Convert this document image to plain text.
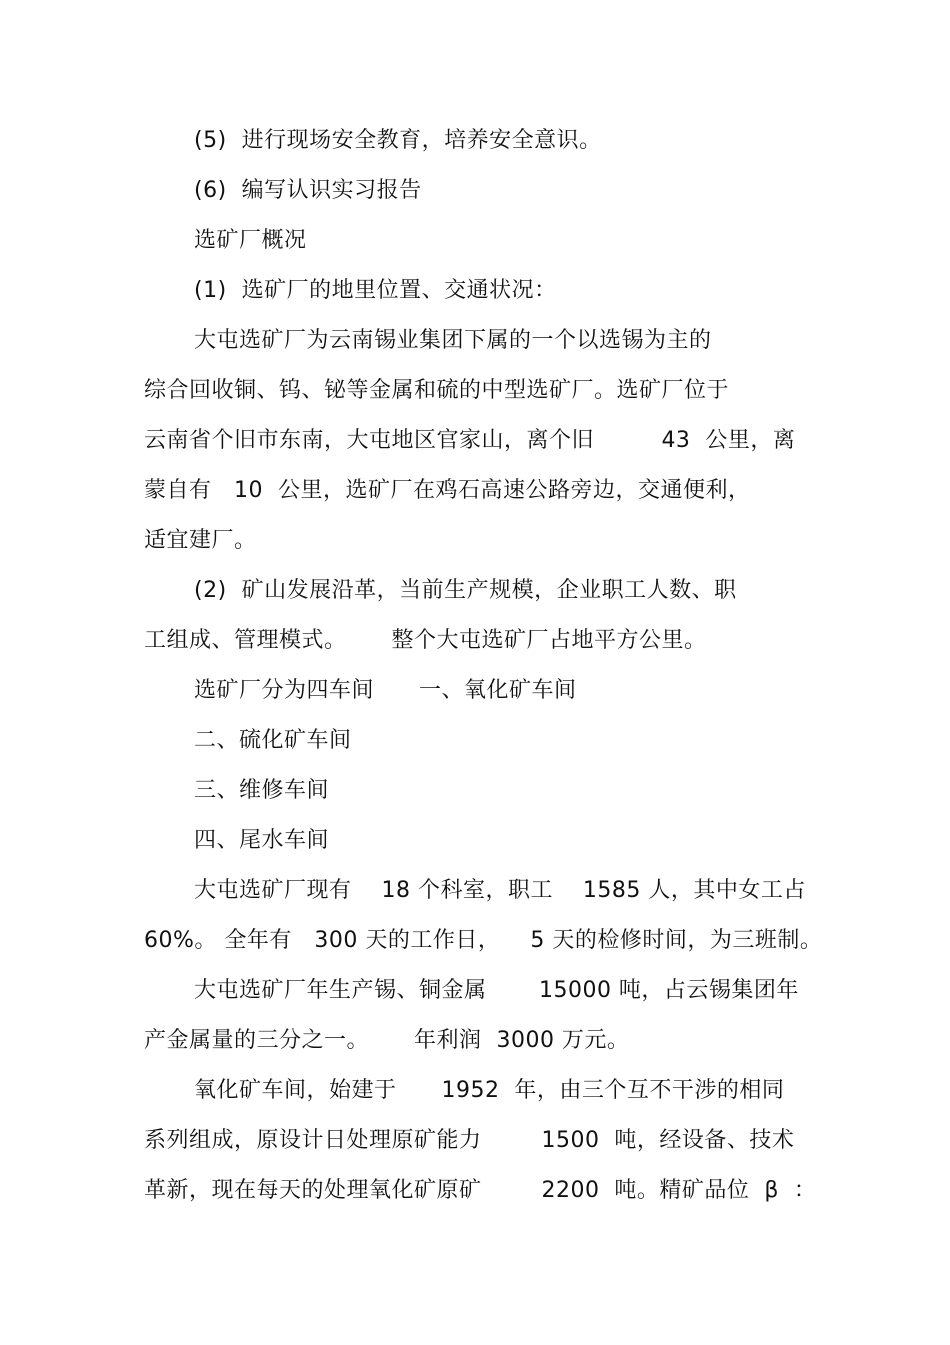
(5)  进行现场安全教育，培养安全意识。
(6)  编写认识实习报告
选矿厂概况
(1)  选矿厂的地里位置、交通状况：
大屯选矿厂为云南锡业集团下属的一个以选锡为主的
综合回收铜、钨、铋等金属和硫的中型选矿厂。选矿厂位于
云南省个旧市东南，大屯地区官家山，离个旧         43  公里，离
蒙自有   10  公里，选矿厂在鸡石高速公路旁边，交通便利，
适宜建厂。
(2)  矿山发展沿革，当前生产规模，企业职工人数、职
工组成、管理模式。      整个大屯选矿厂占地平方公里。
选矿厂分为四车间      一、氧化矿车间
二、硫化矿车间
三、维修车间
四、尾水车间
大屯选矿厂现有    18 个科室，职工    1585 人，其中女工占
60%。 全年有   300 天的工作日，    5 天的检修时间，为三班制。
大屯选矿厂年生产锡、铜金属       15000 吨，占云锡集团年
产金属量的三分之一。      年利润  3000 万元。
氧化矿车间，始建于      1952  年，由三个互不干涉的相同
系列组成，原设计日处理原矿能力        1500  吨，经设备、技术
革新，现在每天的处理氧化矿原矿        2200  吨。精矿品位  β  ：
